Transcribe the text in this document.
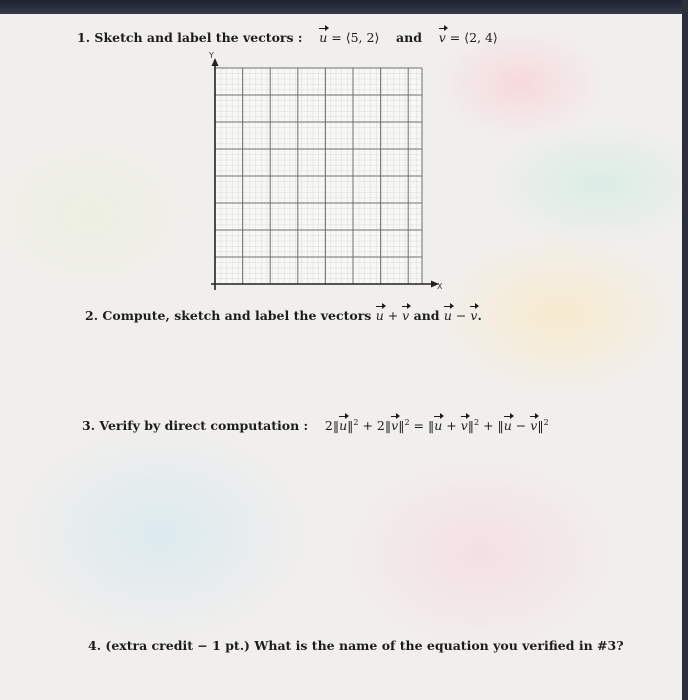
1. Sketch and label the vectors : u = ⟨5, 2⟩ and v = ⟨2, 4⟩
Y
X
2. Compute, sketch and label the vectors u + v and u − v.
3. Verify by direct computation : 2‖u‖$^2$ + 2‖v‖$^2$ = ‖u + v‖$^2$ + ‖u − v‖$^2$
4. (extra credit − 1 pt.) What is the name of the equation you verified in #3?
